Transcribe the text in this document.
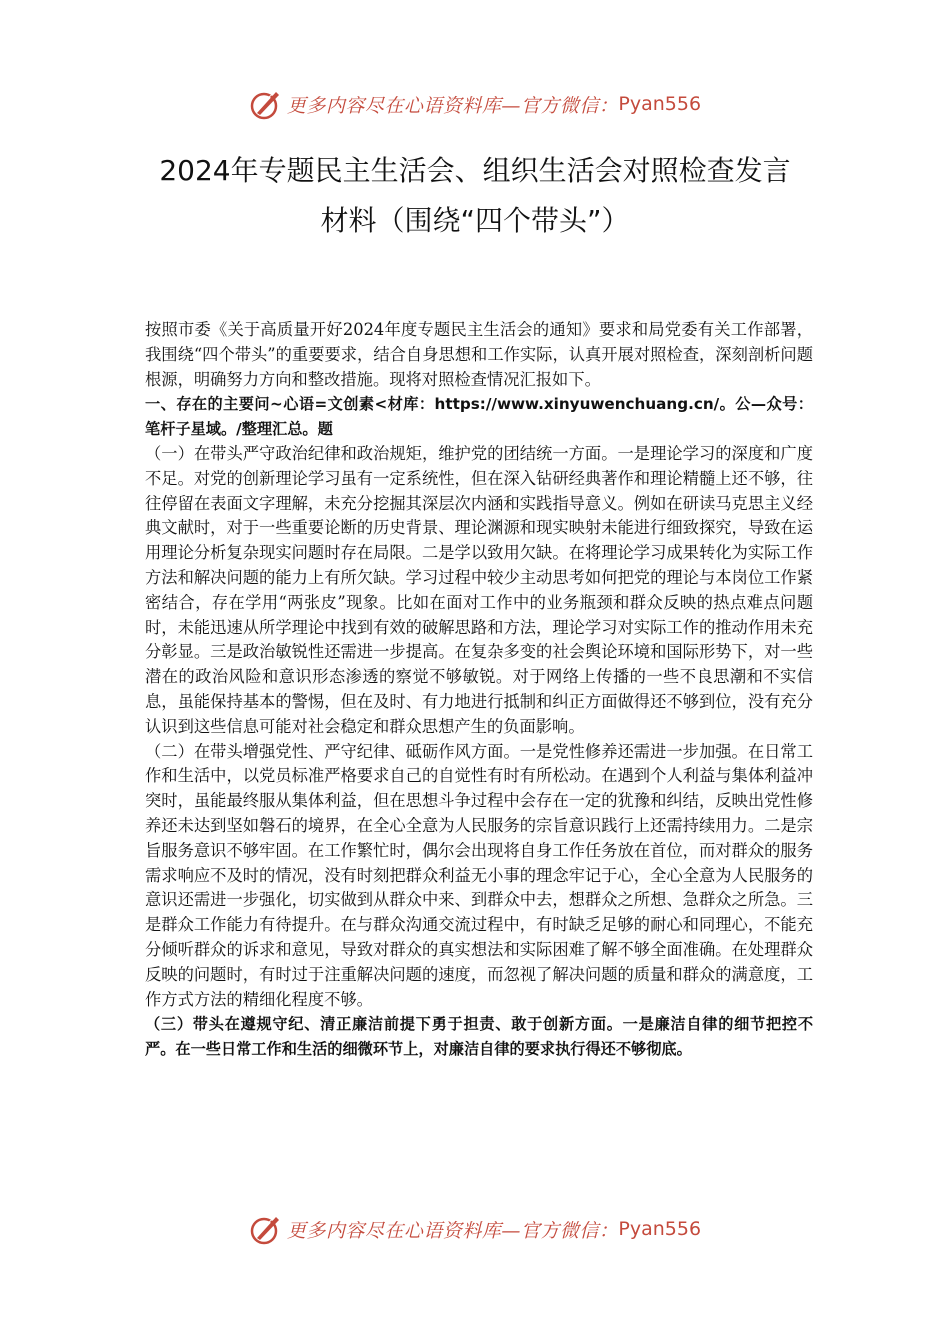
更多内容尽在心语资料库—官方微信： Pyan556
2024年专题民主生活会、组织生活会对照检查发言
材料（围绕“四个带头”）

按照市委《关于高质量开好2024年度专题民主生活会的通知》要求和局党委有关工作部署，我围绕“四个带头”的重要要求，结合自身思想和工作实际，认真开展对照检查，深刻剖析问题根源，明确努力方向和整改措施。现将对照检查情况汇报如下。

一、存在的主要问~心语=文创素<材库：https://www.xinyuwenchuang.cn/。公—众号：笔杆子星域。/整理汇总。题

（一）在带头严守政治纪律和政治规矩，维护党的团结统一方面。一是理论学习的深度和广度不足。对党的创新理论学习虽有一定系统性，但在深入钻研经典著作和理论精髓上还不够，往往停留在表面文字理解，未充分挖掘其深层次内涵和实践指导意义。例如在研读马克思主义经典文献时，对于一些重要论断的历史背景、理论渊源和现实映射未能进行细致探究，导致在运用理论分析复杂现实问题时存在局限。二是学以致用欠缺。在将理论学习成果转化为实际工作方法和解决问题的能力上有所欠缺。学习过程中较少主动思考如何把党的理论与本岗位工作紧密结合，存在学用“两张皮”现象。比如在面对工作中的业务瓶颈和群众反映的热点难点问题时，未能迅速从所学理论中找到有效的破解思路和方法，理论学习对实际工作的推动作用未充分彰显。三是政治敏锐性还需进一步提高。在复杂多变的社会舆论环境和国际形势下，对一些潜在的政治风险和意识形态渗透的察觉不够敏锐。对于网络上传播的一些不良思潮和不实信息，虽能保持基本的警惕，但在及时、有力地进行抵制和纠正方面做得还不够到位，没有充分认识到这些信息可能对社会稳定和群众思想产生的负面影响。

（二）在带头增强党性、严守纪律、砥砺作风方面。一是党性修养还需进一步加强。在日常工作和生活中，以党员标准严格要求自己的自觉性有时有所松动。在遇到个人利益与集体利益冲突时，虽能最终服从集体利益，但在思想斗争过程中会存在一定的犹豫和纠结，反映出党性修养还未达到坚如磐石的境界，在全心全意为人民服务的宗旨意识践行上还需持续用力。二是宗旨服务意识不够牢固。在工作繁忙时，偶尔会出现将自身工作任务放在首位，而对群众的服务需求响应不及时的情况，没有时刻把群众利益无小事的理念牢记于心，全心全意为人民服务的意识还需进一步强化，切实做到从群众中来、到群众中去，想群众之所想、急群众之所急。三是群众工作能力有待提升。在与群众沟通交流过程中，有时缺乏足够的耐心和同理心，不能充分倾听群众的诉求和意见，导致对群众的真实想法和实际困难了解不够全面准确。在处理群众反映的问题时，有时过于注重解决问题的速度，而忽视了解决问题的质量和群众的满意度，工作方式方法的精细化程度不够。

（三）带头在遵规守纪、清正廉洁前提下勇于担责、敢于创新方面。一是廉洁自律的细节把控不严。在一些日常工作和生活的细微环节上，对廉洁自律的要求执行得还不够彻底。

更多内容尽在心语资料库—官方微信： Pyan556
